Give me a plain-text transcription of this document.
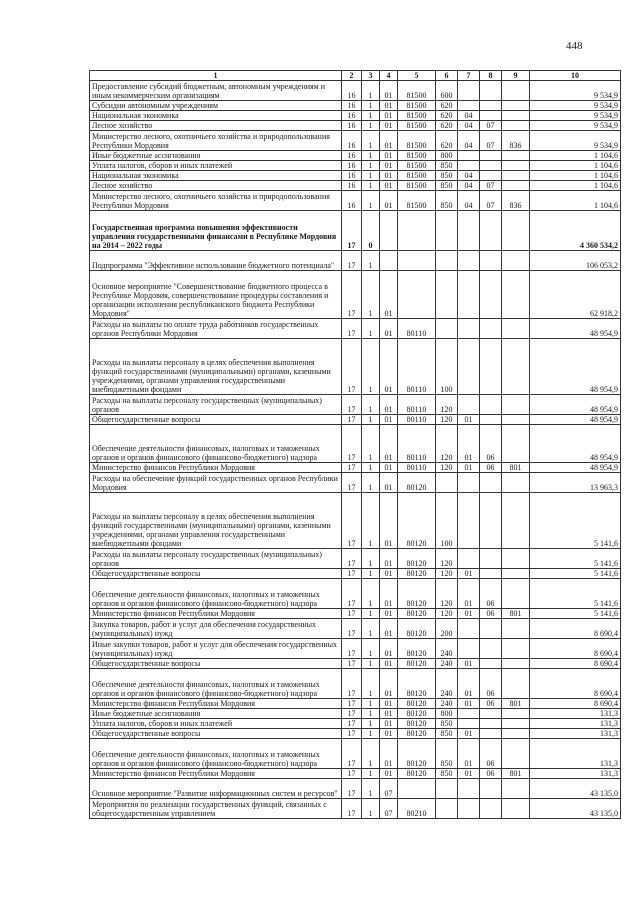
448
1	2	3	4	5	6	7	8	9	10
Предоставление субсидий бюджетным, автономным учреждениям и иным некоммерческим организациям	16	1	01	81500	600				9 534,9
Субсидии автономным учреждениям	16	1	01	81500	620				9 534,9
Национальная экономика	16	1	01	81500	620	04			9 534,9
Лесное хозяйство	16	1	01	81500	620	04	07		9 534,9
Министерство лесного, охотничьего хозяйства и природопользования Республики Мордовия	16	1	01	81500	620	04	07	836	9 534,9
Иные бюджетные ассигнования	16	1	01	81500	800				1 104,6
Уплата налогов, сборов и иных платежей	16	1	01	81500	850				1 104,6
Национальная экономика	16	1	01	81500	850	04			1 104,6
Лесное хозяйство	16	1	01	81500	850	04	07		1 104,6
Министерство лесного, охотничьего хозяйства и природопользования Республики Мордовия	16	1	01	81500	850	04	07	836	1 104,6
Государственная программа повышения эффективности управления государственными финансами в Республике Мордовия на 2014 – 2022 годы	17	0							4 360 534,2
Подпрограмма "Эффективное использование бюджетного потенциала"	17	1							106 053,2
Основное мероприятие "Совершенствование бюджетного процесса в Республике Мордовия, совершенствование процедуры составления и организации исполнения республиканского бюджета Республики Мордовия"	17	1	01						62 918,2
Расходы на выплаты по оплате труда работников государственных органов Республики Мордовия	17	1	01	80110					48 954,9
Расходы на выплаты персоналу в целях обеспечения выполнения функций государственными (муниципальными) органами, казенными учреждениями, органами управления государственными внебюджетными фондами	17	1	01	80110	100				48 954,9
Расходы на выплаты персоналу государственных (муниципальных) органов	17	1	01	80110	120				48 954,9
Общегосударственные вопросы	17	1	01	80110	120	01			48 954,9
Обеспечение деятельности финансовых, налоговых и таможенных органов и органов финансового (финансово-бюджетного) надзора	17	1	01	80110	120	01	06		48 954,9
Министерство финансов Республики Мордовия	17	1	01	80110	120	01	06	801	48 954,9
Расходы на обеспечение функций государственных органов Республики Мордовия	17	1	01	80120					13 963,3
Расходы на выплаты персоналу в целях обеспечения выполнения функций государственными (муниципальными) органами, казенными учреждениями, органами управления государственными внебюджетными фондами	17	1	01	80120	100				5 141,6
Расходы на выплаты персоналу государственных (муниципальных) органов	17	1	01	80120	120				5 141,6
Общегосударственные вопросы	17	1	01	80120	120	01			5 141,6
Обеспечение деятельности финансовых, налоговых и таможенных органов и органов финансового (финансово-бюджетного) надзора	17	1	01	80120	120	01	06		5 141,6
Министерство финансов Республики Мордовия	17	1	01	80120	120	01	06	801	5 141,6
Закупка товаров, работ и услуг для обеспечения государственных (муниципальных) нужд	17	1	01	80120	200				8 690,4
Иные закупки товаров, работ и услуг для обеспечения государственных (муниципальных) нужд	17	1	01	80120	240				8 690,4
Общегосударственные вопросы	17	1	01	80120	240	01			8 690,4
Обеспечение деятельности финансовых, налоговых и таможенных органов и органов финансового (финансово-бюджетного) надзора	17	1	01	80120	240	01	06		8 690,4
Министерство финансов Республики Мордовия	17	1	01	80120	240	01	06	801	8 690,4
Иные бюджетные ассигнования	17	1	01	80120	800				131,3
Уплата налогов, сборов и иных платежей	17	1	01	80120	850				131,3
Общегосударственные вопросы	17	1	01	80120	850	01			131,3
Обеспечение деятельности финансовых, налоговых и таможенных органов и органов финансового (финансово-бюджетного) надзора	17	1	01	80120	850	01	06		131,3
Министерство финансов Республики Мордовия	17	1	01	80120	850	01	06	801	131,3
Основное мероприятие "Развитие информационных систем и ресурсов"	17	1	07						43 135,0
Мероприятия по реализации государственных функций, связанных с общегосударственным управлением	17	1	07	80210					43 135,0
